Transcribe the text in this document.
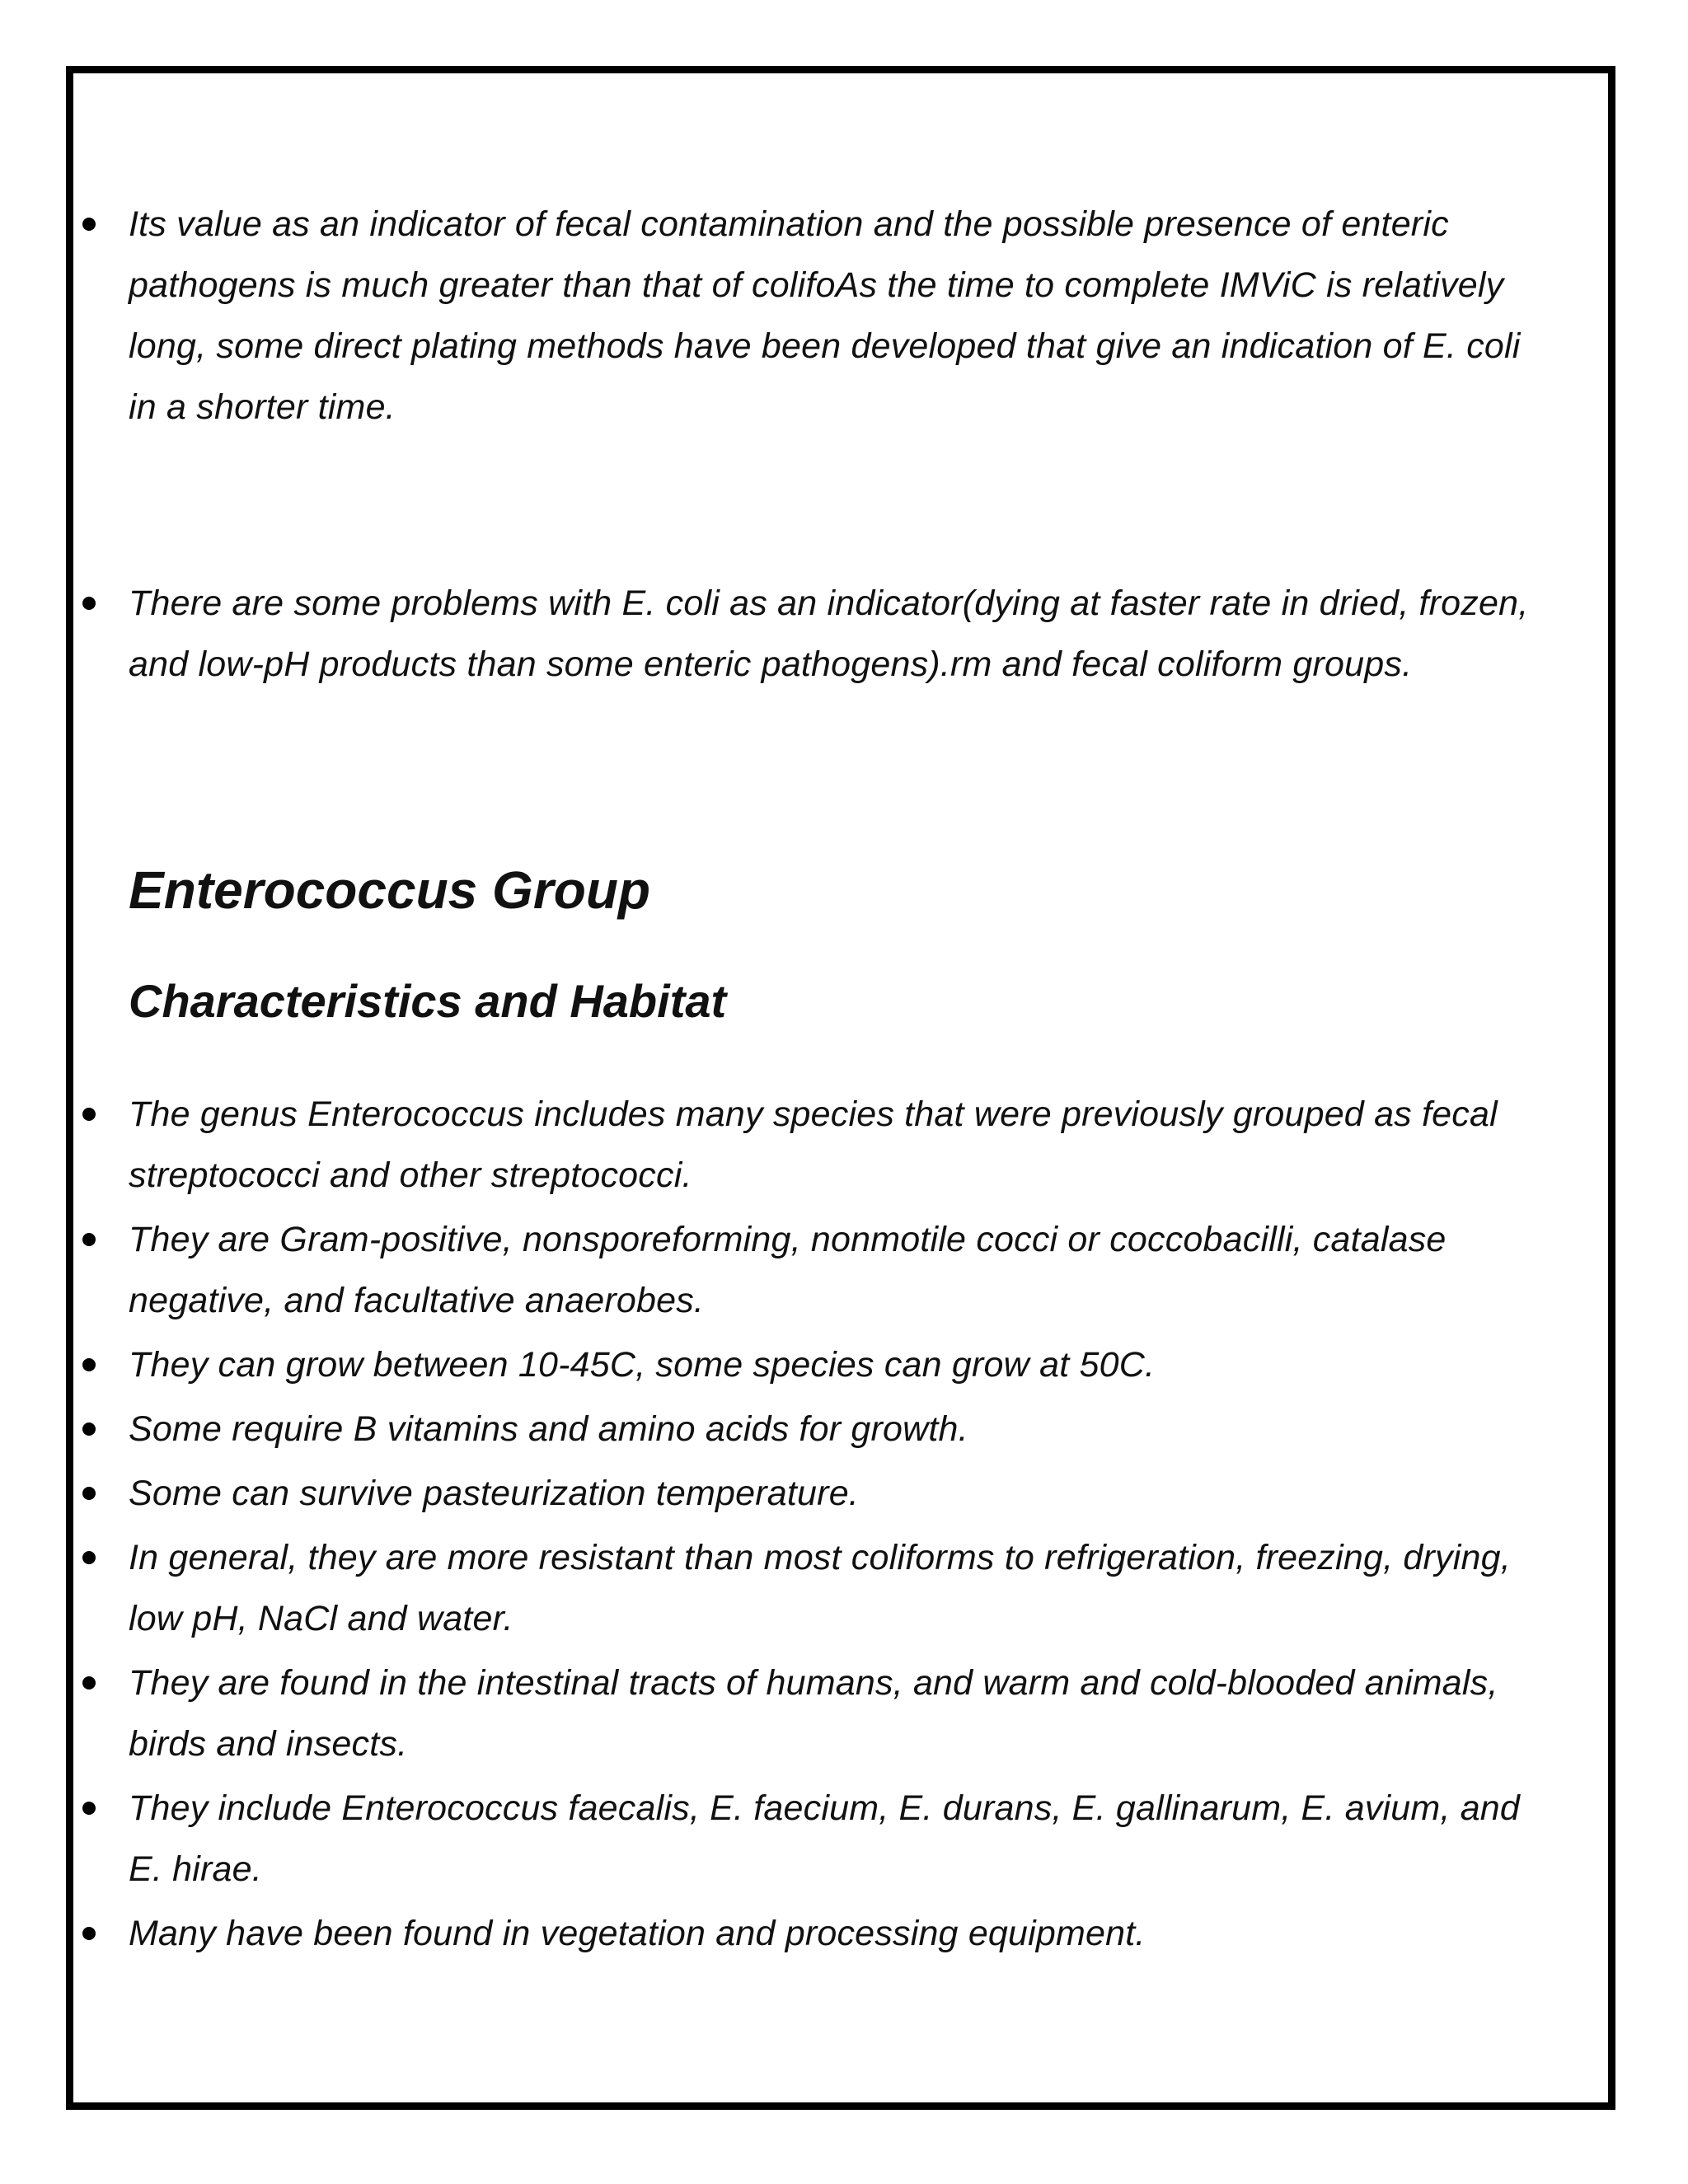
Its value as an indicator of fecal contamination and the possible presence of enteric pathogens is much greater than that of colifoAs the time to complete IMViC is relatively long, some direct plating methods have been developed that give an indication of E. coli in a shorter time.
There are some problems with E. coli as an indicator(dying at faster rate in dried, frozen, and low-pH products than some enteric pathogens).rm and fecal coliform groups.
Enterococcus Group
Characteristics and Habitat
The genus Enterococcus includes many species that were previously grouped as fecal streptococci and other streptococci.
They are Gram-positive, nonsporeforming, nonmotile cocci or coccobacilli, catalase negative, and facultative anaerobes.
They can grow between 10-45C, some species can grow at 50C.
Some require B vitamins and amino acids for growth.
Some can survive pasteurization temperature.
In general, they are more resistant than most coliforms to refrigeration, freezing, drying, low pH, NaCl and water.
They are found in the intestinal tracts of humans, and warm and cold-blooded animals, birds and insects.
They include Enterococcus faecalis, E. faecium, E. durans, E. gallinarum, E. avium, and E. hirae.
Many have been found in vegetation and processing equipment.
